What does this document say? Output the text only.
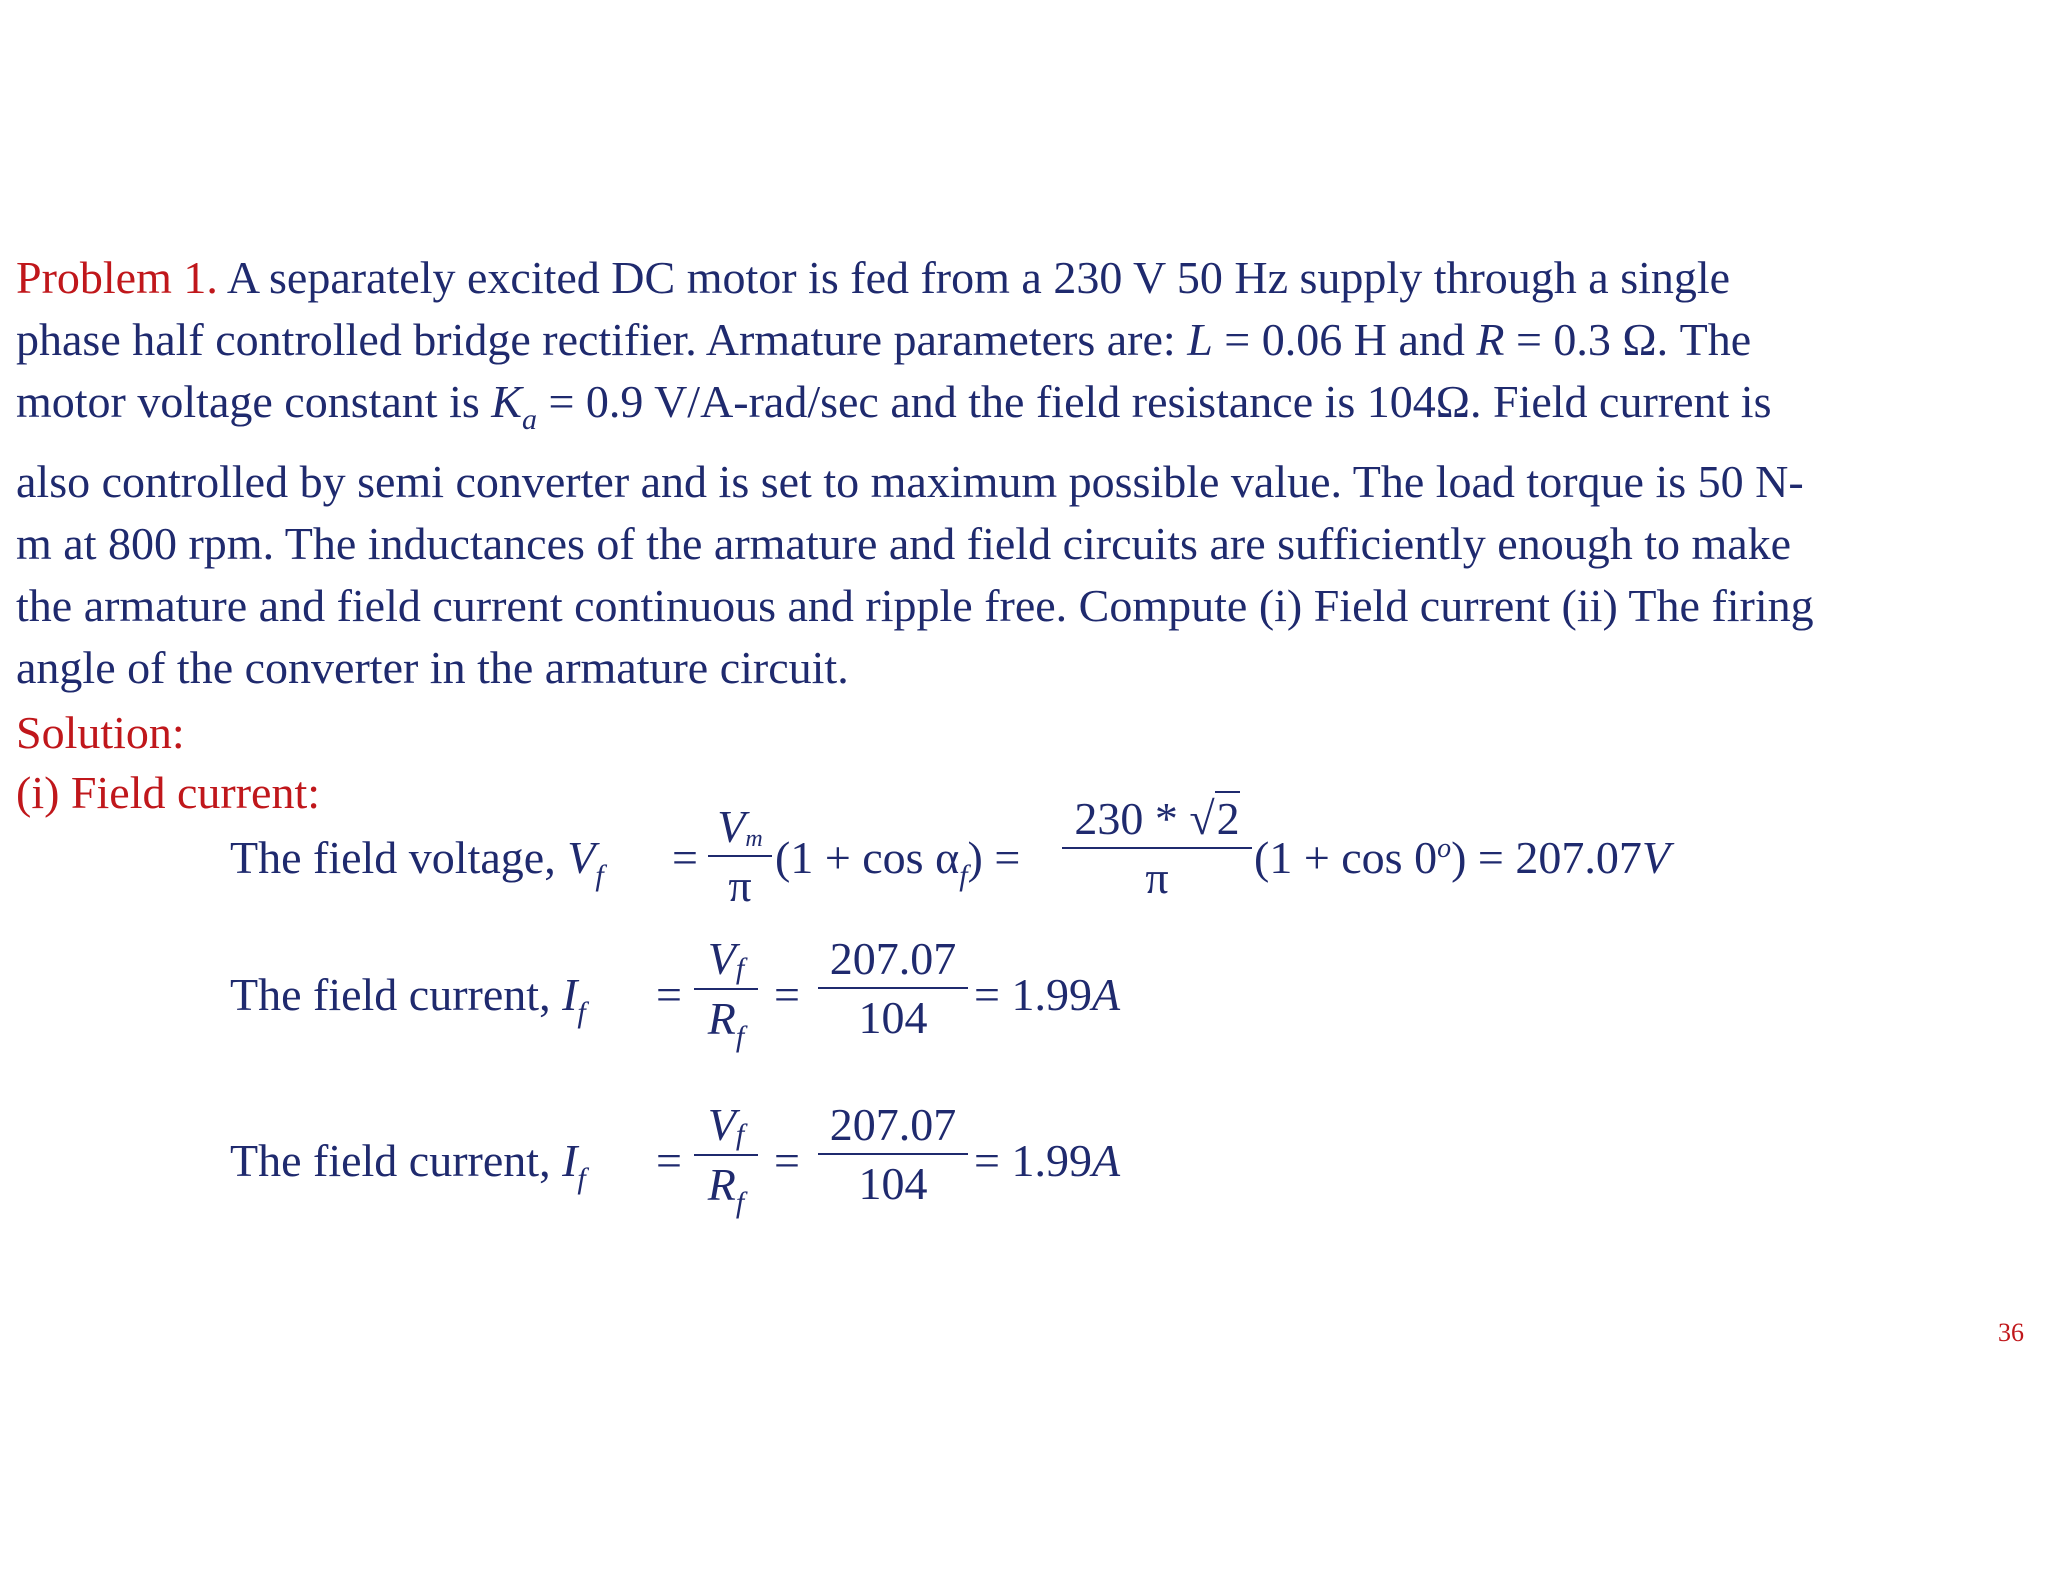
Problem 1. A separately excited DC motor is fed from a 230 V 50 Hz supply through a single
phase half controlled bridge rectifier. Armature parameters are: L = 0.06 H and R = 0.3 Ω. The
motor voltage constant is $K_a = 0.9$ V/A-rad/sec and the field resistance is 104Ω. Field current is
also controlled by semi converter and is set to maximum possible value. The load torque is 50 N-
m at 800 rpm. The inductances of the armature and field circuits are sufficiently enough to make
the armature and field current continuous and ripple free. Compute (i) Field current (ii) The firing
angle of the converter in the armature circuit.
Solution:
(i) Field current:
The field voltage, $V_f$ =
$V_m$
π
$(1 + \cos \alpha_f)$ =
230 * √2
π	$(1 + \cos 0^o) = 207.07V$
The field current, $I_f$ =
$V_f$
$R_f$
=
207.07
104	= 1.99A
The field current, $I_f$ =
$V_f$
$R_f$
=
207.07
104	= 1.99A
36
